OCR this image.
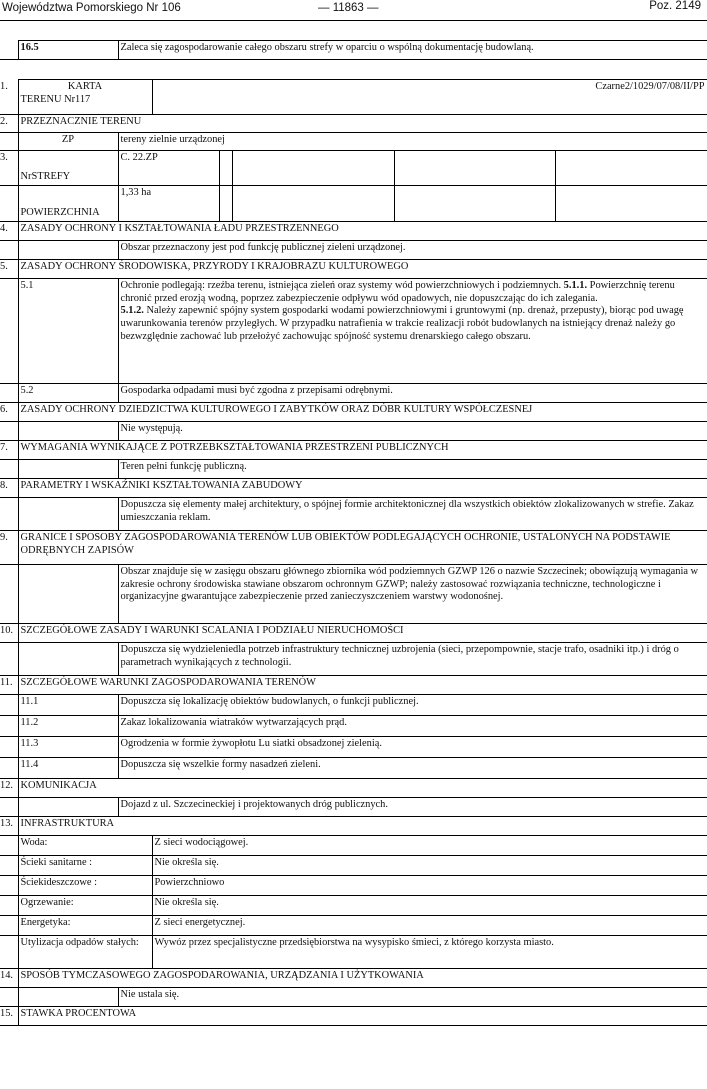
Województwa Pomorskiego Nr 106	— 11863 —	Poz. 2149
	16.5	Zaleca się zagospodarowanie całego obszaru strefy w oparciu o wspólną dokumentację budowlaną.
1.	KARTA

TERENU Nr117		Czarne2/1029/07/08/II/PP				
2.	PRZEZNACZNIE TERENU						
	ZP	tereny zielnie urządzonej					
3.	NrSTREFY	C. 22.ZP					
	POWIERZCHNIA	1,33 ha					
4.	ZASADY OCHRONY I KSZTAŁTOWANIA ŁADU PRZESTRZENNEGO						
		Obszar przeznaczony jest pod funkcję publicznej zieleni urządzonej.					
5.	ZASADY OCHRONY ŚRODOWISKA, PRZYRODY I KRAJOBRAZU KULTUROWEGO						
	5.1	Ochronie podlegają: rzeźba terenu, istniejąca zieleń oraz systemy wód powierzchniowych i podziemnych. 5.1.1. Powierzchnię terenu chronić przed erozją wodną, poprzez zabezpieczenie odpływu wód opadowych, nie dopuszczając do ich zalegania.
5.1.2. Należy zapewnić spójny system gospodarki wodami powierzchniowymi i gruntowymi (np. drenaż, przepusty), biorąc pod uwagę uwarunkowania terenów przyległych. W przypadku natrafienia w trakcie realizacji robót budowlanych na istniejący drenaż należy go bezwzględnie zachować lub przełożyć zachowując spójność systemu drenarskiego całego obszaru.					
	5.2	Gospodarka odpadami musi być zgodna z przepisami odrębnymi.					
6.	ZASADY OCHRONY DZIEDZICTWA KULTUROWEGO I ZABYTKÓW ORAZ DÓBR KULTURY WSPÓŁCZESNEJ						
		Nie występują.					
7.	WYMAGANIA WYNIKAJĄCE Z POTRZEBKSZTAŁTOWANIA PRZESTRZENI PUBLICZNYCH						
		Teren pełni funkcję publiczną.					
8.	PARAMETRY I WSKAŹNIKI KSZTAŁTOWANIA ZABUDOWY						
		Dopuszcza się elementy małej architektury, o spójnej formie architektonicznej dla wszystkich obiektów zlokalizowanych w strefie. Zakaz umieszczania reklam.					
9.	GRANICE I SPOSOBY ZAGOSPODAROWANIA TERENÓW LUB OBIEKTÓW PODLEGAJĄCYCH OCHRONIE, USTALONYCH NA PODSTAWIE ODRĘBNYCH ZAPISÓW						
		Obszar znajduje się w zasięgu obszaru głównego zbiornika wód podziemnych GZWP 126 o nazwie Szczecinek; obowiązują wymagania w zakresie ochrony środowiska stawiane obszarom ochronnym GZWP; należy zastosować rozwiązania techniczne, technologiczne i organizacyjne gwarantujące zabezpieczenie przed zanieczyszczeniem warstwy wodonośnej.					
10.	SZCZEGÓŁOWE ZASADY I WARUNKI SCALANIA I PODZIAŁU NIERUCHOMOŚCI						
		Dopuszcza się wydzieleniedla potrzeb infrastruktury technicznej uzbrojenia (sieci, przepompownie, stacje trafo, osadniki itp.) i dróg o parametrach wynikających z technologii.					
11.	SZCZEGÓŁOWE WARUNKI ZAGOSPODAROWANIA TERENÓW						
	11.1	Dopuszcza się lokalizację obiektów budowlanych, o funkcji publicznej.					
	11.2	Zakaz lokalizowania wiatraków wytwarzających prąd.					
	11.3	Ogrodzenia w formie żywopłotu Lu siatki obsadzonej zielenią.					
	11.4	Dopuszcza się wszelkie formy nasadzeń zieleni.					
12.	KOMUNIKACJA						
		Dojazd z ul. Szczecineckiej i projektowanych dróg publicznych.					
13.	INFRASTRUKTURA						
	Woda:		Z sieci wodociągowej.				
	Ścieki sanitarne :		Nie określa się.				
	Ściekideszczowe :		Powierzchniowo				
	Ogrzewanie:		Nie określa się.				
	Energetyka:		Z sieci energetycznej.				
	Utylizacja odpadów stałych:		Wywóz przez specjalistyczne przedsiębiorstwa na wysypisko śmieci, z którego korzysta miasto.				
14.	SPOSÓB TYMCZASOWEGO ZAGOSPODAROWANIA, URZĄDZANIA I UŻYTKOWANIA						
		Nie ustala się.					
15.	STAWKA PROCENTOWA						
